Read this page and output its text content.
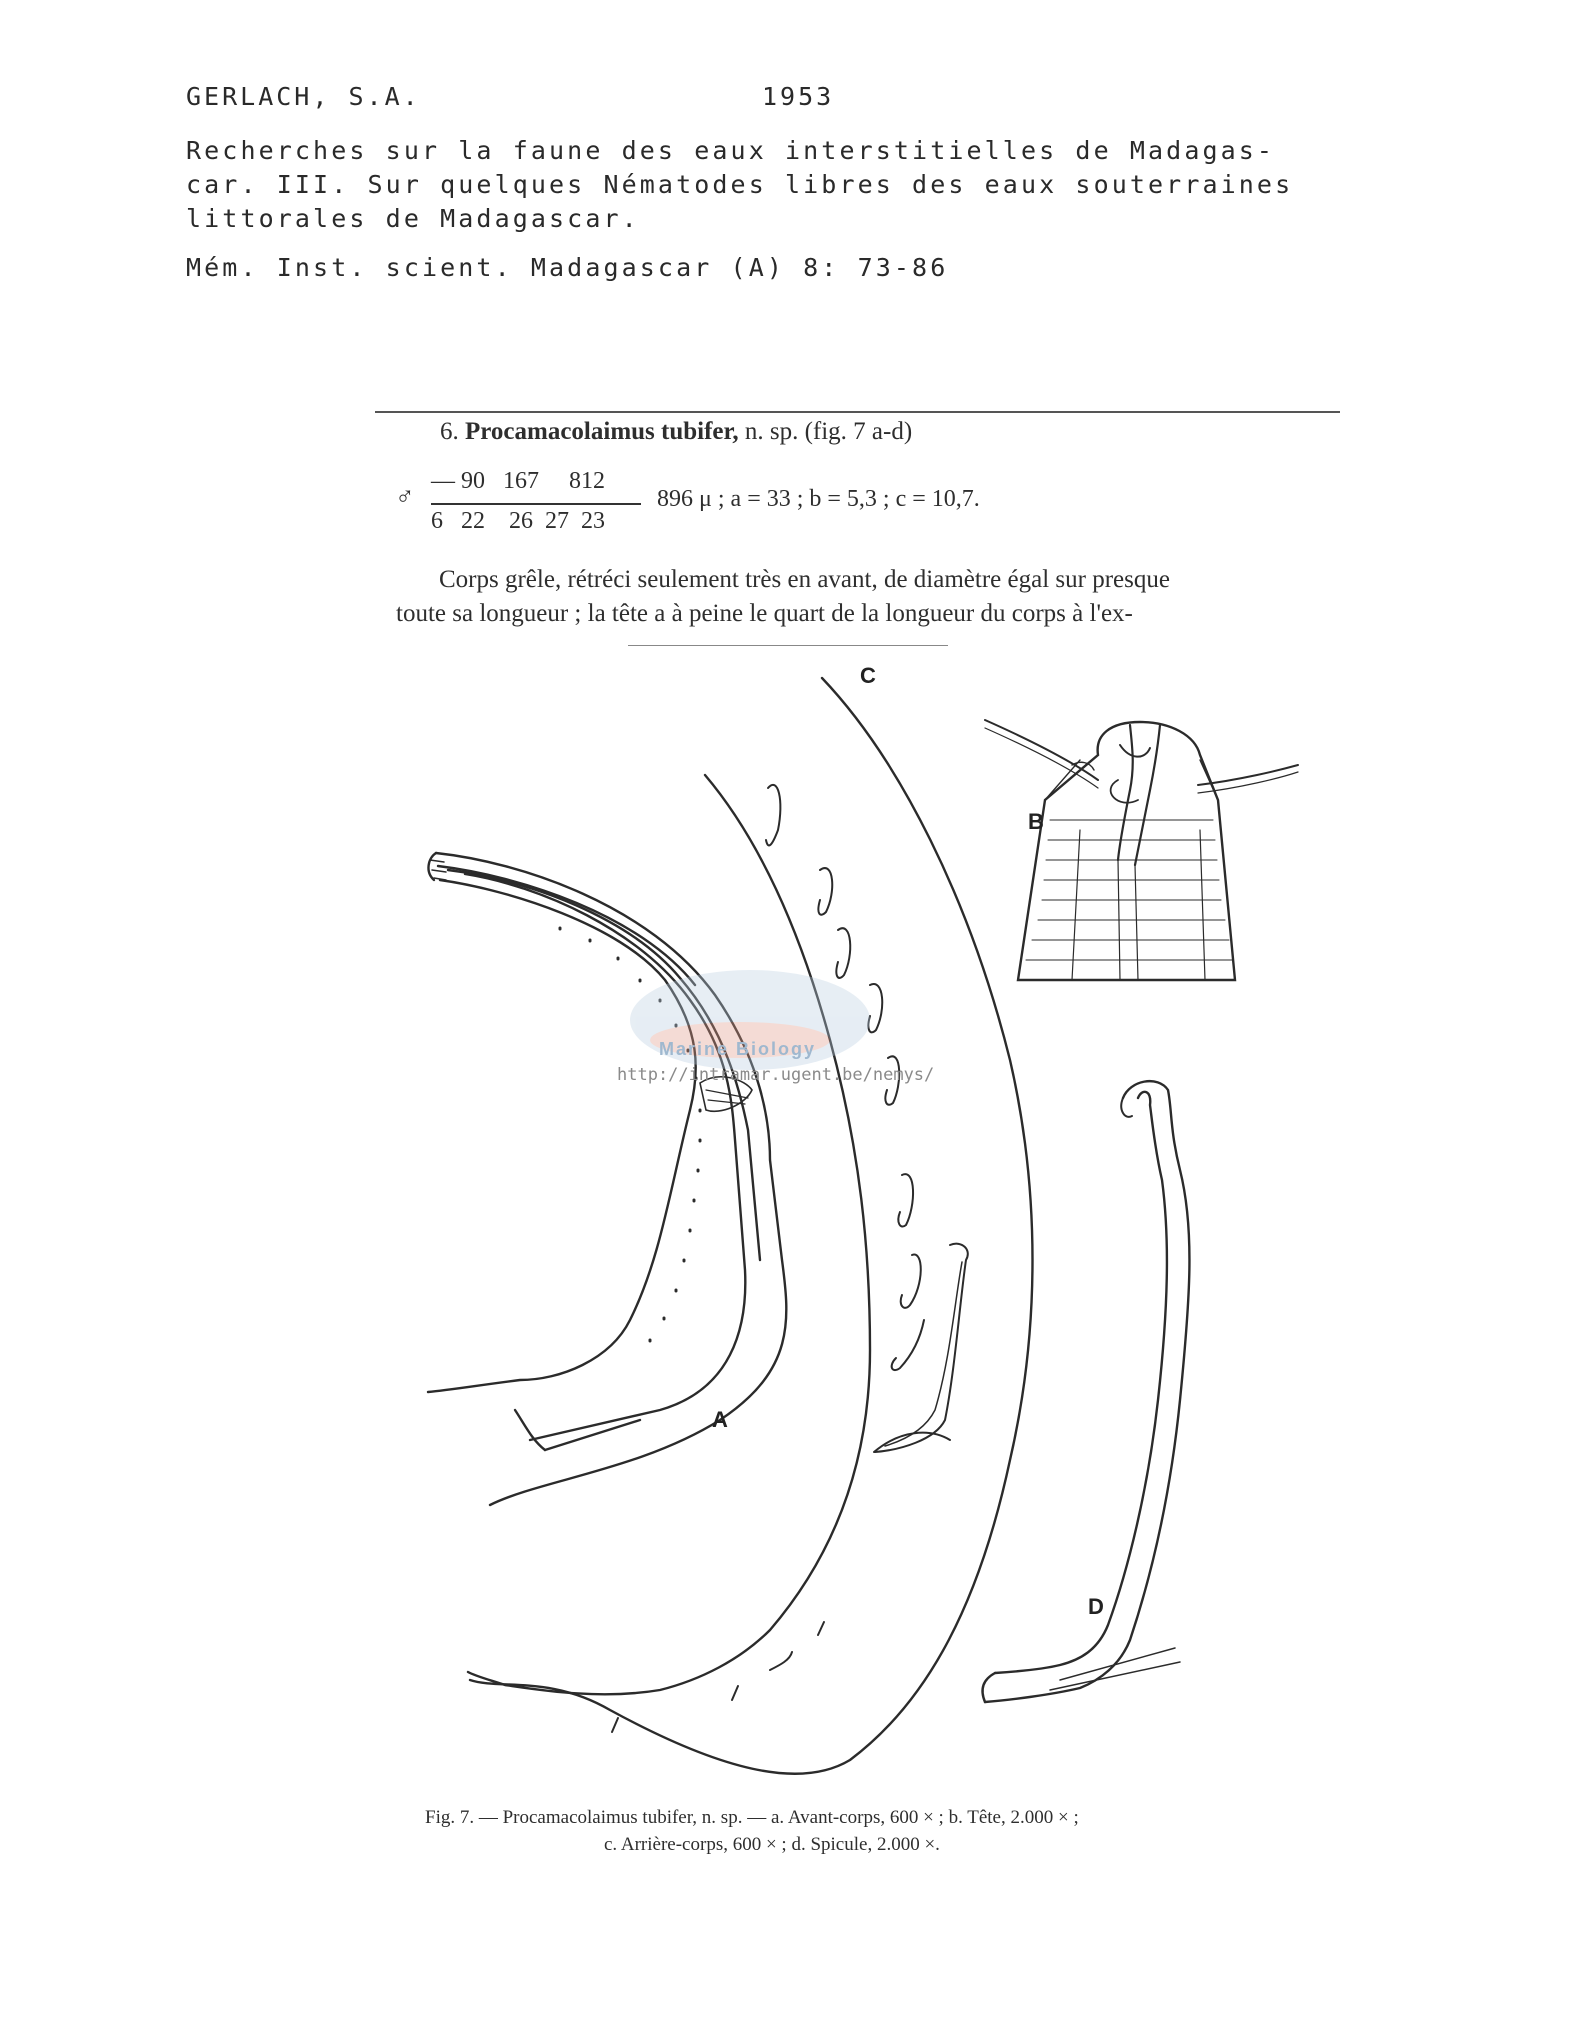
GERLACH, S.A.	1953
Recherches sur la faune des eaux interstitielles de Madagas-
car. III. Sur quelques Nématodes libres des eaux souterraines
littorales de Madagascar.
Mém. Inst. scient. Madagascar (A) 8: 73-86
6. Procamacolaimus tubifer, n. sp. (fig. 7 a-d)
♂
— 90   167     812
6   22    26  27  23
896 μ ; a = 33 ; b = 5,3 ; c = 10,7.
Corps grêle, rétréci seulement très en avant, de diamètre égal sur presque
toute sa longueur ; la tête a à peine le quart de la longueur du corps à l'ex-
A
B
C
D
Marine Biology
http://intramar.ugent.be/nemys/
Fig. 7. — Procamacolaimus tubifer, n. sp. — a. Avant-corps, 600 × ; b. Tête, 2.000 × ;
c. Arrière-corps, 600 × ; d. Spicule, 2.000 ×.
